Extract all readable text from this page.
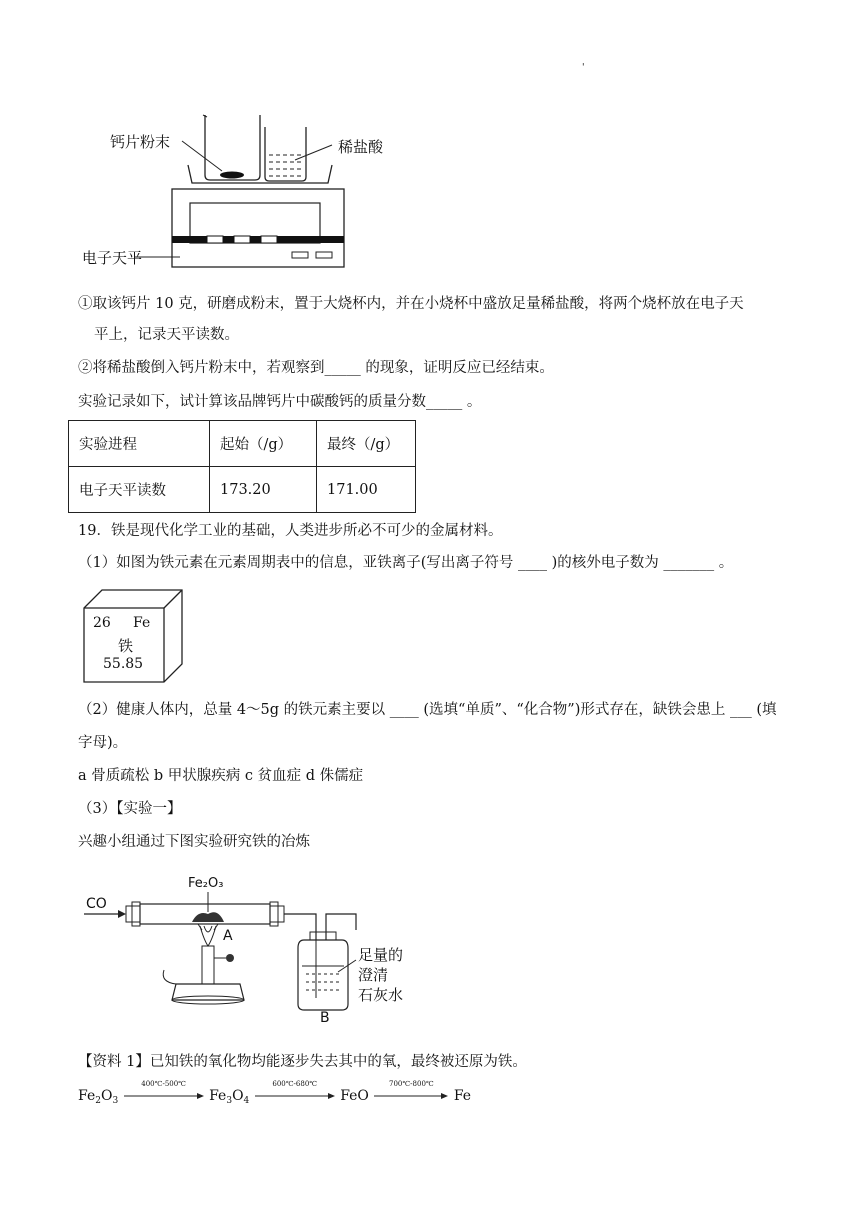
'
钙片粉末	稀盐酸
电子天平
①取该钙片 10 克，研磨成粉末，置于大烧杯内，并在小烧杯中盛放足量稀盐酸，将两个烧杯放在电子天
平上，记录天平读数。
②将稀盐酸倒入钙片粉末中，若观察到_____ 的现象，证明反应已经结束。
实验记录如下，试计算该品牌钙片中碳酸钙的质量分数_____ 。
实验进程	起始（/g）	最终（/g）
电子天平读数	173.20	171.00
19．铁是现代化学工业的基础，人类进步所必不可少的金属材料。
（1）如图为铁元素在元素周期表中的信息，亚铁离子(写出离子符号 ____ )的核外电子数为 _______ 。
26 Fe
铁
55.85
（2）健康人体内，总量 4～5g 的铁元素主要以 ____ (选填“单质”、“化合物”)形式存在，缺铁会患上 ___ (填
字母)。
a 骨质疏松 b 甲状腺疾病 c 贫血症 d 侏儒症
（3）【实验一】
兴趣小组通过下图实验研究铁的冶炼
CO
Fe₂O₃
A
B
足量的
澄清
石灰水
【资料 1】已知铁的氧化物均能逐步失去其中的氧，最终被还原为铁。
$Fe_2O_3$
400℃-500℃
$Fe_3O_4$
600℃-680℃
FeO
700℃-800℃
Fe
